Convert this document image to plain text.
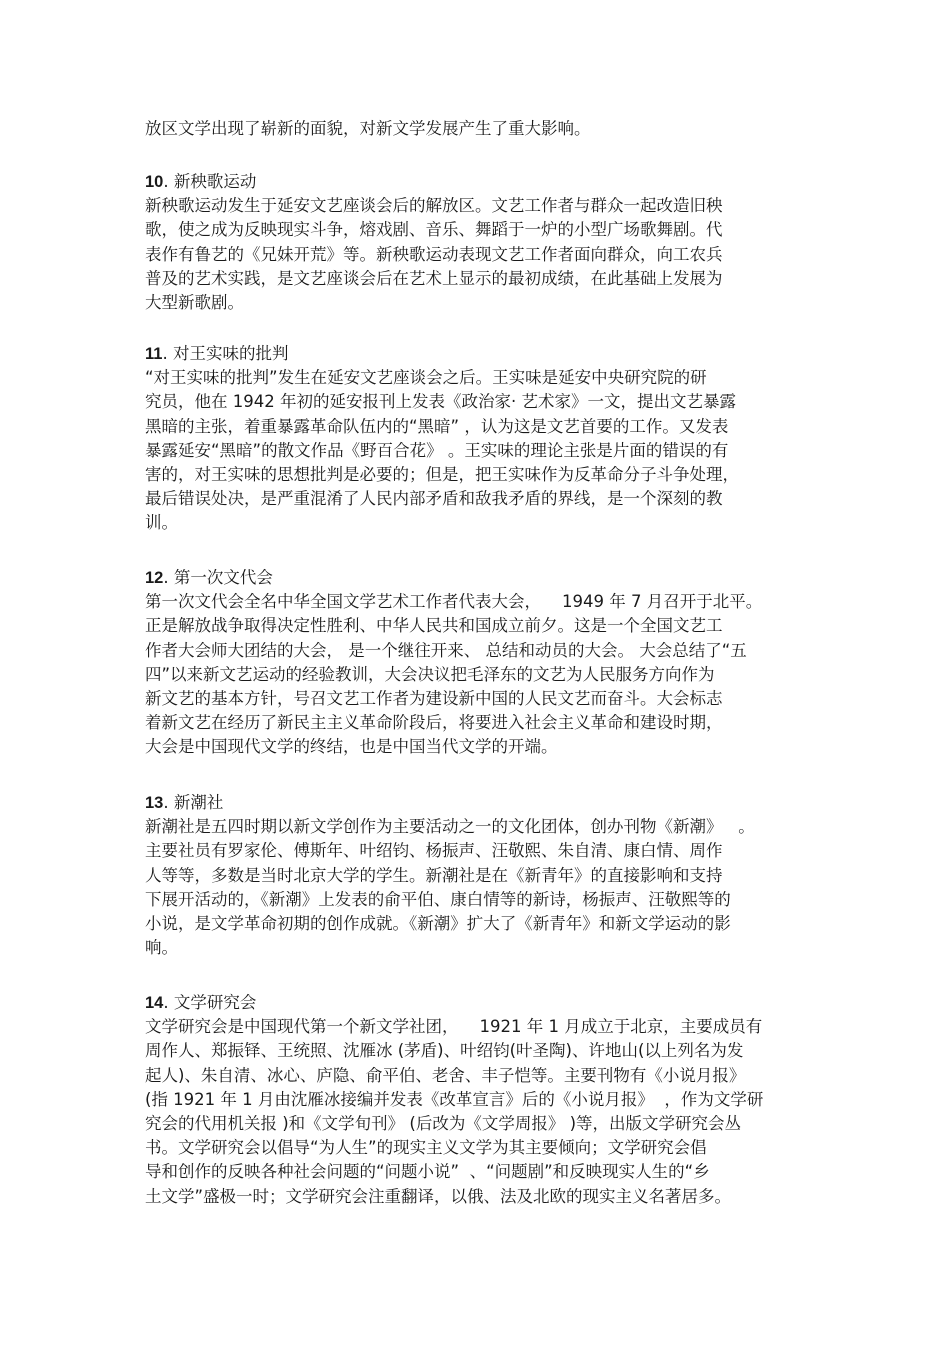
放区文学出现了崭新的面貌，对新文学发展产生了重大影响。
10. 新秧歌运动
新秧歌运动发生于延安文艺座谈会后的解放区。文艺工作者与群众一起改造旧秧
歌，使之成为反映现实斗争，熔戏剧、音乐、舞蹈于一炉的小型广场歌舞剧。代
表作有鲁艺的《兄妹开荒》等。新秧歌运动表现文艺工作者面向群众，向工农兵
普及的艺术实践，是文艺座谈会后在艺术上显示的最初成绩，在此基础上发展为
大型新歌剧。
11. 对王实味的批判
“对王实味的批判”发生在延安文艺座谈会之后。王实味是延安中央研究院的研
究员，他在 1942 年初的延安报刊上发表《政治家· 艺术家》一文，提出文艺暴露
黑暗的主张，着重暴露革命队伍内的“黑暗” ，认为这是文艺首要的工作。又发表
暴露延安“黑暗”的散文作品《野百合花》 。王实味的理论主张是片面的错误的有
害的，对王实味的思想批判是必要的；但是，把王实味作为反革命分子斗争处理，
最后错误处决，是严重混淆了人民内部矛盾和敌我矛盾的界线，是一个深刻的教
训。
12. 第一次文代会
第一次文代会全名中华全国文学艺术工作者代表大会，    1949 年 7 月召开于北平。
正是解放战争取得决定性胜利、中华人民共和国成立前夕。这是一个全国文艺工
作者大会师大团结的大会， 是一个继往开来、 总结和动员的大会。 大会总结了“五
四”以来新文艺运动的经验教训，大会决议把毛泽东的文艺为人民服务方向作为
新文艺的基本方针，号召文艺工作者为建设新中国的人民文艺而奋斗。大会标志
着新文艺在经历了新民主主义革命阶段后，将要进入社会主义革命和建设时期，
大会是中国现代文学的终结，也是中国当代文学的开端。
13. 新潮社
新潮社是五四时期以新文学创作为主要活动之一的文化团体，创办刊物《新潮》   。
主要社员有罗家伦、傅斯年、叶绍钧、杨振声、汪敬熙、朱自清、康白情、周作
人等等，多数是当时北京大学的学生。新潮社是在《新青年》的直接影响和支持
下展开活动的，《新潮》上发表的俞平伯、康白情等的新诗，杨振声、汪敬熙等的
小说，是文学革命初期的创作成就。《新潮》扩大了《新青年》和新文学运动的影
响。
14. 文学研究会
文学研究会是中国现代第一个新文学社团，    1921 年 1 月成立于北京，主要成员有
周作人、郑振铎、王统照、沈雁冰 (茅盾)、叶绍钧(叶圣陶)、许地山(以上列名为发
起人)、朱自清、冰心、庐隐、俞平伯、老舍、丰子恺等。主要刊物有《小说月报》
(指 1921 年 1 月由沈雁冰接编并发表《改革宣言》后的《小说月报》  ，作为文学研
究会的代用机关报 )和《文学旬刊》 (后改为《文学周报》 )等，出版文学研究会丛
书。文学研究会以倡导“为人生”的现实主义文学为其主要倾向；文学研究会倡
导和创作的反映各种社会问题的“问题小说”  、“问题剧”和反映现实人生的“乡
土文学”盛极一时；文学研究会注重翻译，以俄、法及北欧的现实主义名著居多。
